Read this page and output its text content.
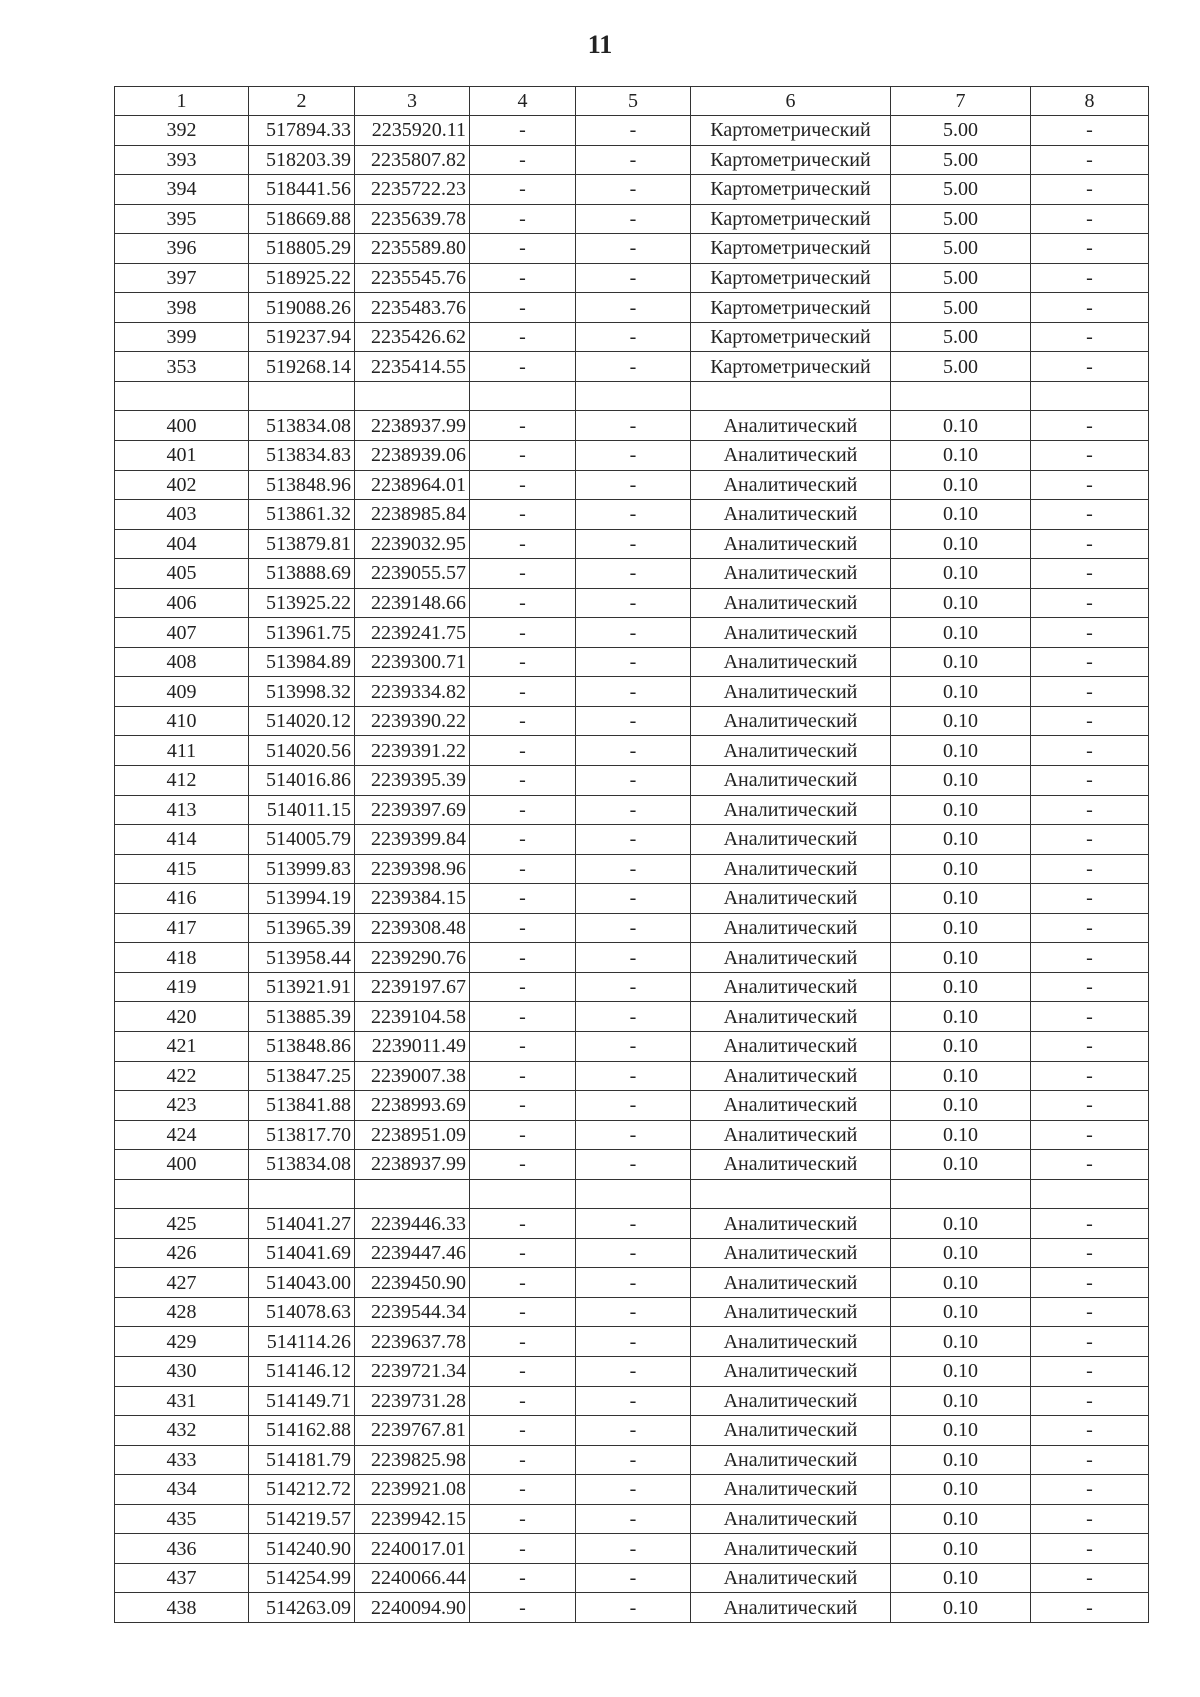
11
1	2	3	4	5	6	7	8
392	517894.33	2235920.11	-	-	Картометрический	5.00	-
393	518203.39	2235807.82	-	-	Картометрический	5.00	-
394	518441.56	2235722.23	-	-	Картометрический	5.00	-
395	518669.88	2235639.78	-	-	Картометрический	5.00	-
396	518805.29	2235589.80	-	-	Картометрический	5.00	-
397	518925.22	2235545.76	-	-	Картометрический	5.00	-
398	519088.26	2235483.76	-	-	Картометрический	5.00	-
399	519237.94	2235426.62	-	-	Картометрический	5.00	-
353	519268.14	2235414.55	-	-	Картометрический	5.00	-

400	513834.08	2238937.99	-	-	Аналитический	0.10	-
401	513834.83	2238939.06	-	-	Аналитический	0.10	-
402	513848.96	2238964.01	-	-	Аналитический	0.10	-
403	513861.32	2238985.84	-	-	Аналитический	0.10	-
404	513879.81	2239032.95	-	-	Аналитический	0.10	-
405	513888.69	2239055.57	-	-	Аналитический	0.10	-
406	513925.22	2239148.66	-	-	Аналитический	0.10	-
407	513961.75	2239241.75	-	-	Аналитический	0.10	-
408	513984.89	2239300.71	-	-	Аналитический	0.10	-
409	513998.32	2239334.82	-	-	Аналитический	0.10	-
410	514020.12	2239390.22	-	-	Аналитический	0.10	-
411	514020.56	2239391.22	-	-	Аналитический	0.10	-
412	514016.86	2239395.39	-	-	Аналитический	0.10	-
413	514011.15	2239397.69	-	-	Аналитический	0.10	-
414	514005.79	2239399.84	-	-	Аналитический	0.10	-
415	513999.83	2239398.96	-	-	Аналитический	0.10	-
416	513994.19	2239384.15	-	-	Аналитический	0.10	-
417	513965.39	2239308.48	-	-	Аналитический	0.10	-
418	513958.44	2239290.76	-	-	Аналитический	0.10	-
419	513921.91	2239197.67	-	-	Аналитический	0.10	-
420	513885.39	2239104.58	-	-	Аналитический	0.10	-
421	513848.86	2239011.49	-	-	Аналитический	0.10	-
422	513847.25	2239007.38	-	-	Аналитический	0.10	-
423	513841.88	2238993.69	-	-	Аналитический	0.10	-
424	513817.70	2238951.09	-	-	Аналитический	0.10	-
400	513834.08	2238937.99	-	-	Аналитический	0.10	-

425	514041.27	2239446.33	-	-	Аналитический	0.10	-
426	514041.69	2239447.46	-	-	Аналитический	0.10	-
427	514043.00	2239450.90	-	-	Аналитический	0.10	-
428	514078.63	2239544.34	-	-	Аналитический	0.10	-
429	514114.26	2239637.78	-	-	Аналитический	0.10	-
430	514146.12	2239721.34	-	-	Аналитический	0.10	-
431	514149.71	2239731.28	-	-	Аналитический	0.10	-
432	514162.88	2239767.81	-	-	Аналитический	0.10	-
433	514181.79	2239825.98	-	-	Аналитический	0.10	-
434	514212.72	2239921.08	-	-	Аналитический	0.10	-
435	514219.57	2239942.15	-	-	Аналитический	0.10	-
436	514240.90	2240017.01	-	-	Аналитический	0.10	-
437	514254.99	2240066.44	-	-	Аналитический	0.10	-
438	514263.09	2240094.90	-	-	Аналитический	0.10	-
